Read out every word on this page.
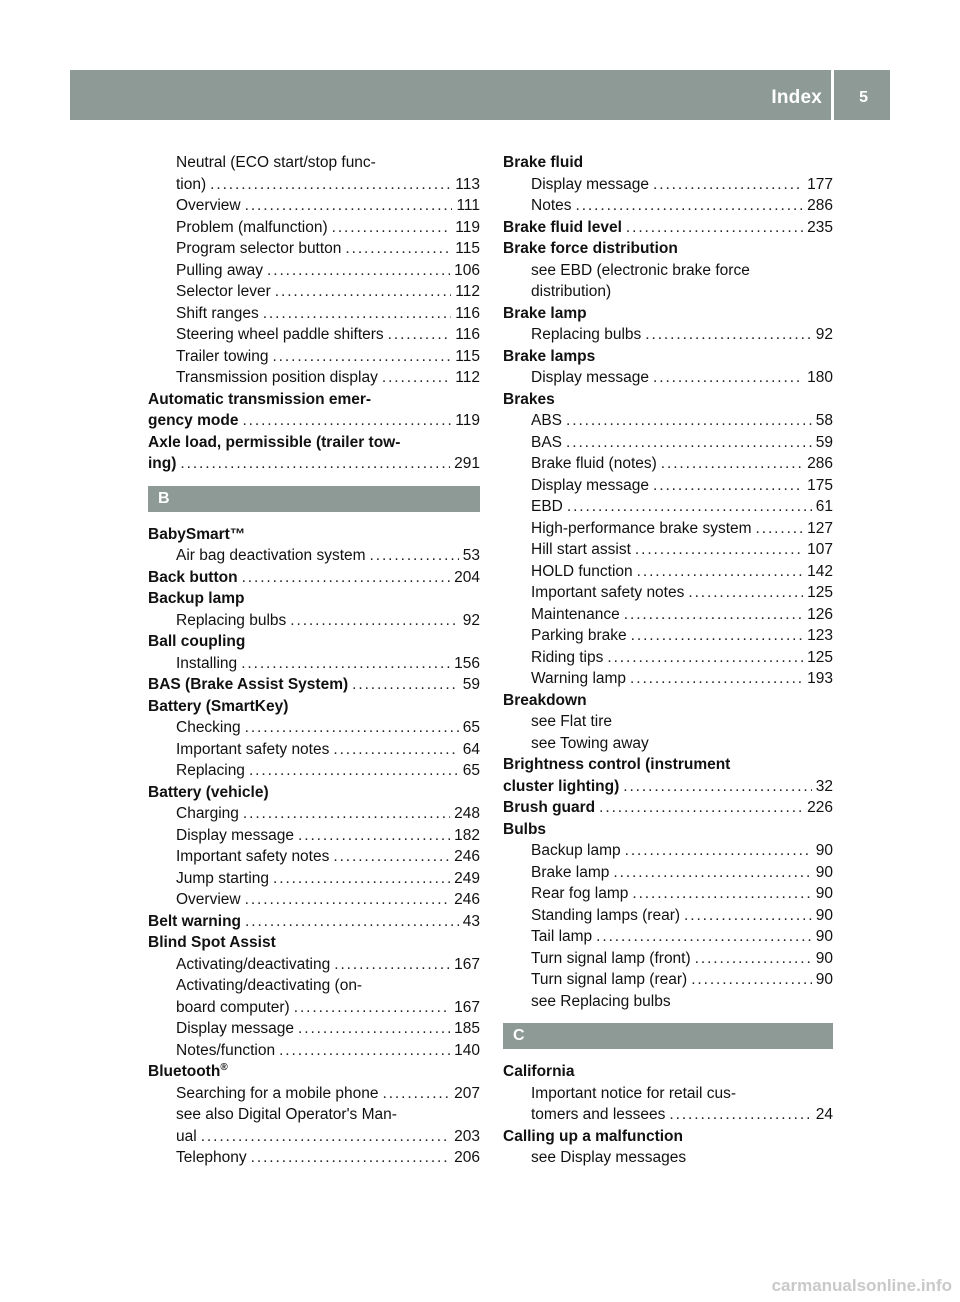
Index 5
Neutral (ECO start/stop func-
tion) . . .	113
Overview . . .	111
Problem (malfunction) . . .	119
Program selector button . . .	115
Pulling away . . .	106
Selector lever . . .	112
Shift ranges . . .	116
Steering wheel paddle shifters . . .	116
Trailer towing . . .	115
Transmission position display . . .	112
Automatic transmission emer-
gency mode . . .	119
Axle load, permissible (trailer tow-
ing) . . .	291
B
BabySmart™
Air bag deactivation system . . .	53
Back button . . .	204
Backup lamp
Replacing bulbs . . .	92
Ball coupling
Installing . . .	156
BAS (Brake Assist System) . . .	59
Battery (SmartKey)
Checking . . .	65
Important safety notes . . .	64
Replacing . . .	65
Battery (vehicle)
Charging . . .	248
Display message . . .	182
Important safety notes . . .	246
Jump starting . . .	249
Overview . . .	246
Belt warning . . .	43
Blind Spot Assist
Activating/deactivating . . .	167
Activating/deactivating (on-
board computer) . . .	167
Display message . . .	185
Notes/function . . .	140
Bluetooth®
Searching for a mobile phone . . .	207
see also Digital Operator's Man-
ual . . .	203
Telephony . . .	206
Brake fluid
Display message . . .	177
Notes . . .	286
Brake fluid level . . .	235
Brake force distribution
see EBD (electronic brake force
distribution)
Brake lamp
Replacing bulbs . . .	92
Brake lamps
Display message . . .	180
Brakes
ABS . . .	58
BAS . . .	59
Brake fluid (notes) . . .	286
Display message . . .	175
EBD . . .	61
High-performance brake system . . .	127
Hill start assist . . .	107
HOLD function . . .	142
Important safety notes . . .	125
Maintenance . . .	126
Parking brake . . .	123
Riding tips . . .	125
Warning lamp . . .	193
Breakdown
see Flat tire
see Towing away
Brightness control (instrument
cluster lighting) . . .	32
Brush guard . . .	226
Bulbs
Backup lamp . . .	90
Brake lamp . . .	90
Rear fog lamp . . .	90
Standing lamps (rear) . . .	90
Tail lamp . . .	90
Turn signal lamp (front) . . .	90
Turn signal lamp (rear) . . .	90
see Replacing bulbs
C
California
Important notice for retail cus-
tomers and lessees . . .	24
Calling up a malfunction
see Display messages
carmanualsonline.info
